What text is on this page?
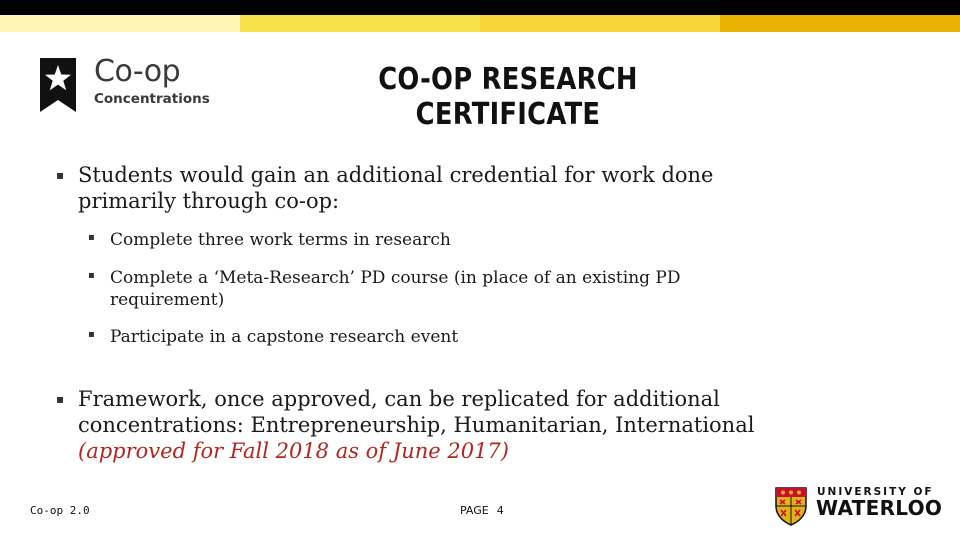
Co-op
Concentrations
CO-OP RESEARCH CERTIFICATE
▪ Students would gain an additional credential for work done primarily through co-op:
▪ Complete three work terms in research
▪ Complete a ‘Meta-Research’ PD course (in place of an existing PD requirement)
▪ Participate in a capstone research event
▪ Framework, once approved, can be replicated for additional concentrations: Entrepreneurship, Humanitarian, International (approved for Fall 2018 as of June 2017)
Co-op 2.0	PAGE 4
UNIVERSITY OF
WATERLOO
